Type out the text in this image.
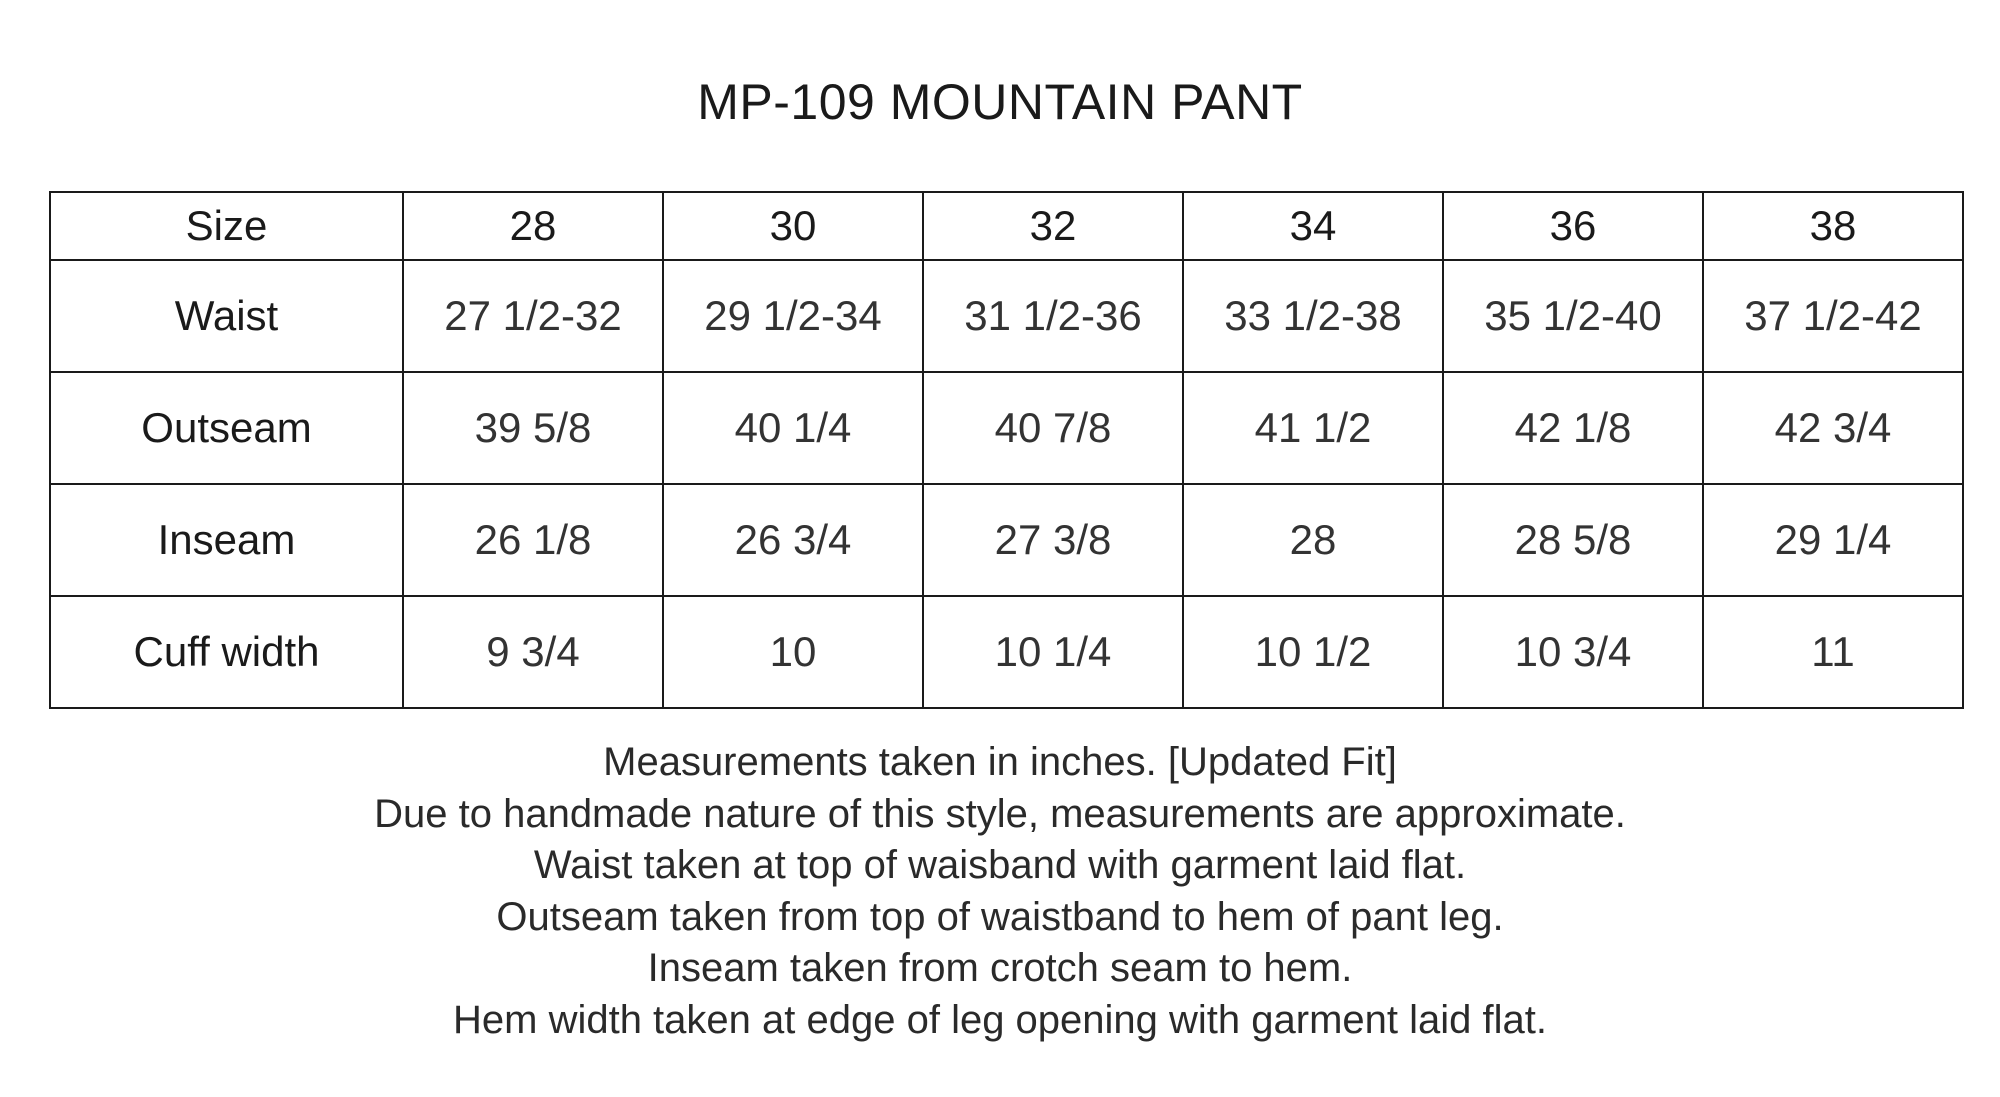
MP-109 MOUNTAIN PANT
Size	28	30	32	34	36	38
Waist	27 1/2-32	29 1/2-34	31 1/2-36	33 1/2-38	35 1/2-40	37 1/2-42
Outseam	39 5/8	40 1/4	40 7/8	41 1/2	42 1/8	42 3/4
Inseam	26 1/8	26 3/4	27 3/8	28	28 5/8	29 1/4
Cuff width	9 3/4	10	10 1/4	10 1/2	10 3/4	11
Measurements taken in inches. [Updated Fit]
Due to handmade nature of this style, measurements are approximate.
Waist taken at top of waisband with garment laid flat.
Outseam taken from top of waistband to hem of pant leg.
Inseam taken from crotch seam to hem.
Hem width taken at edge of leg opening with garment laid flat.
